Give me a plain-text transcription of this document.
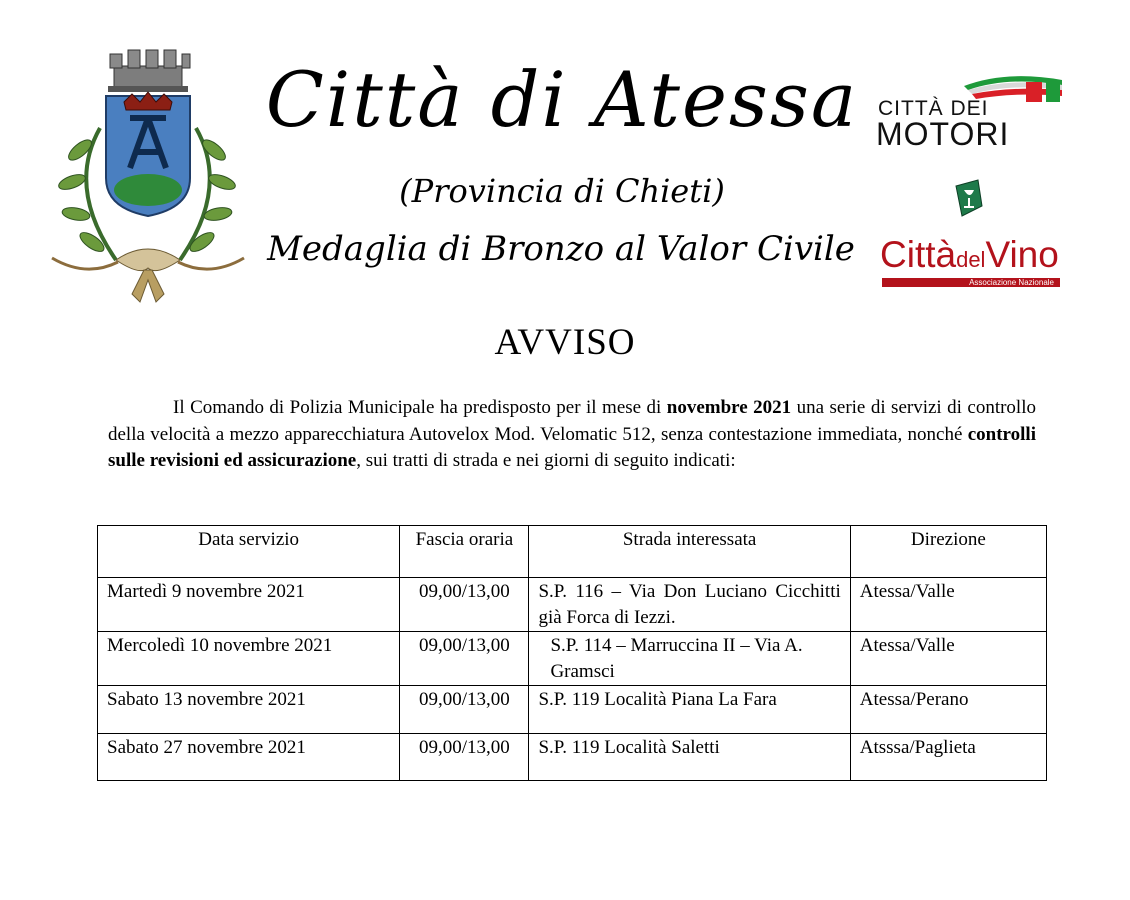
Città di Atessa
(Provincia di Chieti)
Medaglia di Bronzo al Valor Civile
CITTÀ DEI
MOTORI
CittàdelVino
Associazione Nazionale
AVVISO
Il Comando di Polizia Municipale ha predisposto per il mese di novembre 2021 una serie di servizi di controllo della velocità a mezzo apparecchiatura Autovelox Mod. Velomatic 512, senza contestazione immediata, nonché controlli sulle revisioni ed assicurazione, sui tratti di strada e nei giorni di seguito indicati:
Data servizio	Fascia oraria	Strada interessata	Direzione
Martedì 9 novembre 2021	09,00/13,00	S.P. 116 – Via Don Luciano Cicchitti già Forca di Iezzi.	Atessa/Valle
Mercoledì 10 novembre 2021	09,00/13,00	S.P. 114 – Marruccina II – Via A. Gramsci	Atessa/Valle
Sabato 13 novembre 2021	09,00/13,00	S.P. 119 Località Piana La Fara	Atessa/Perano
Sabato 27 novembre 2021	09,00/13,00	S.P. 119 Località Saletti	Atsssa/Paglieta
